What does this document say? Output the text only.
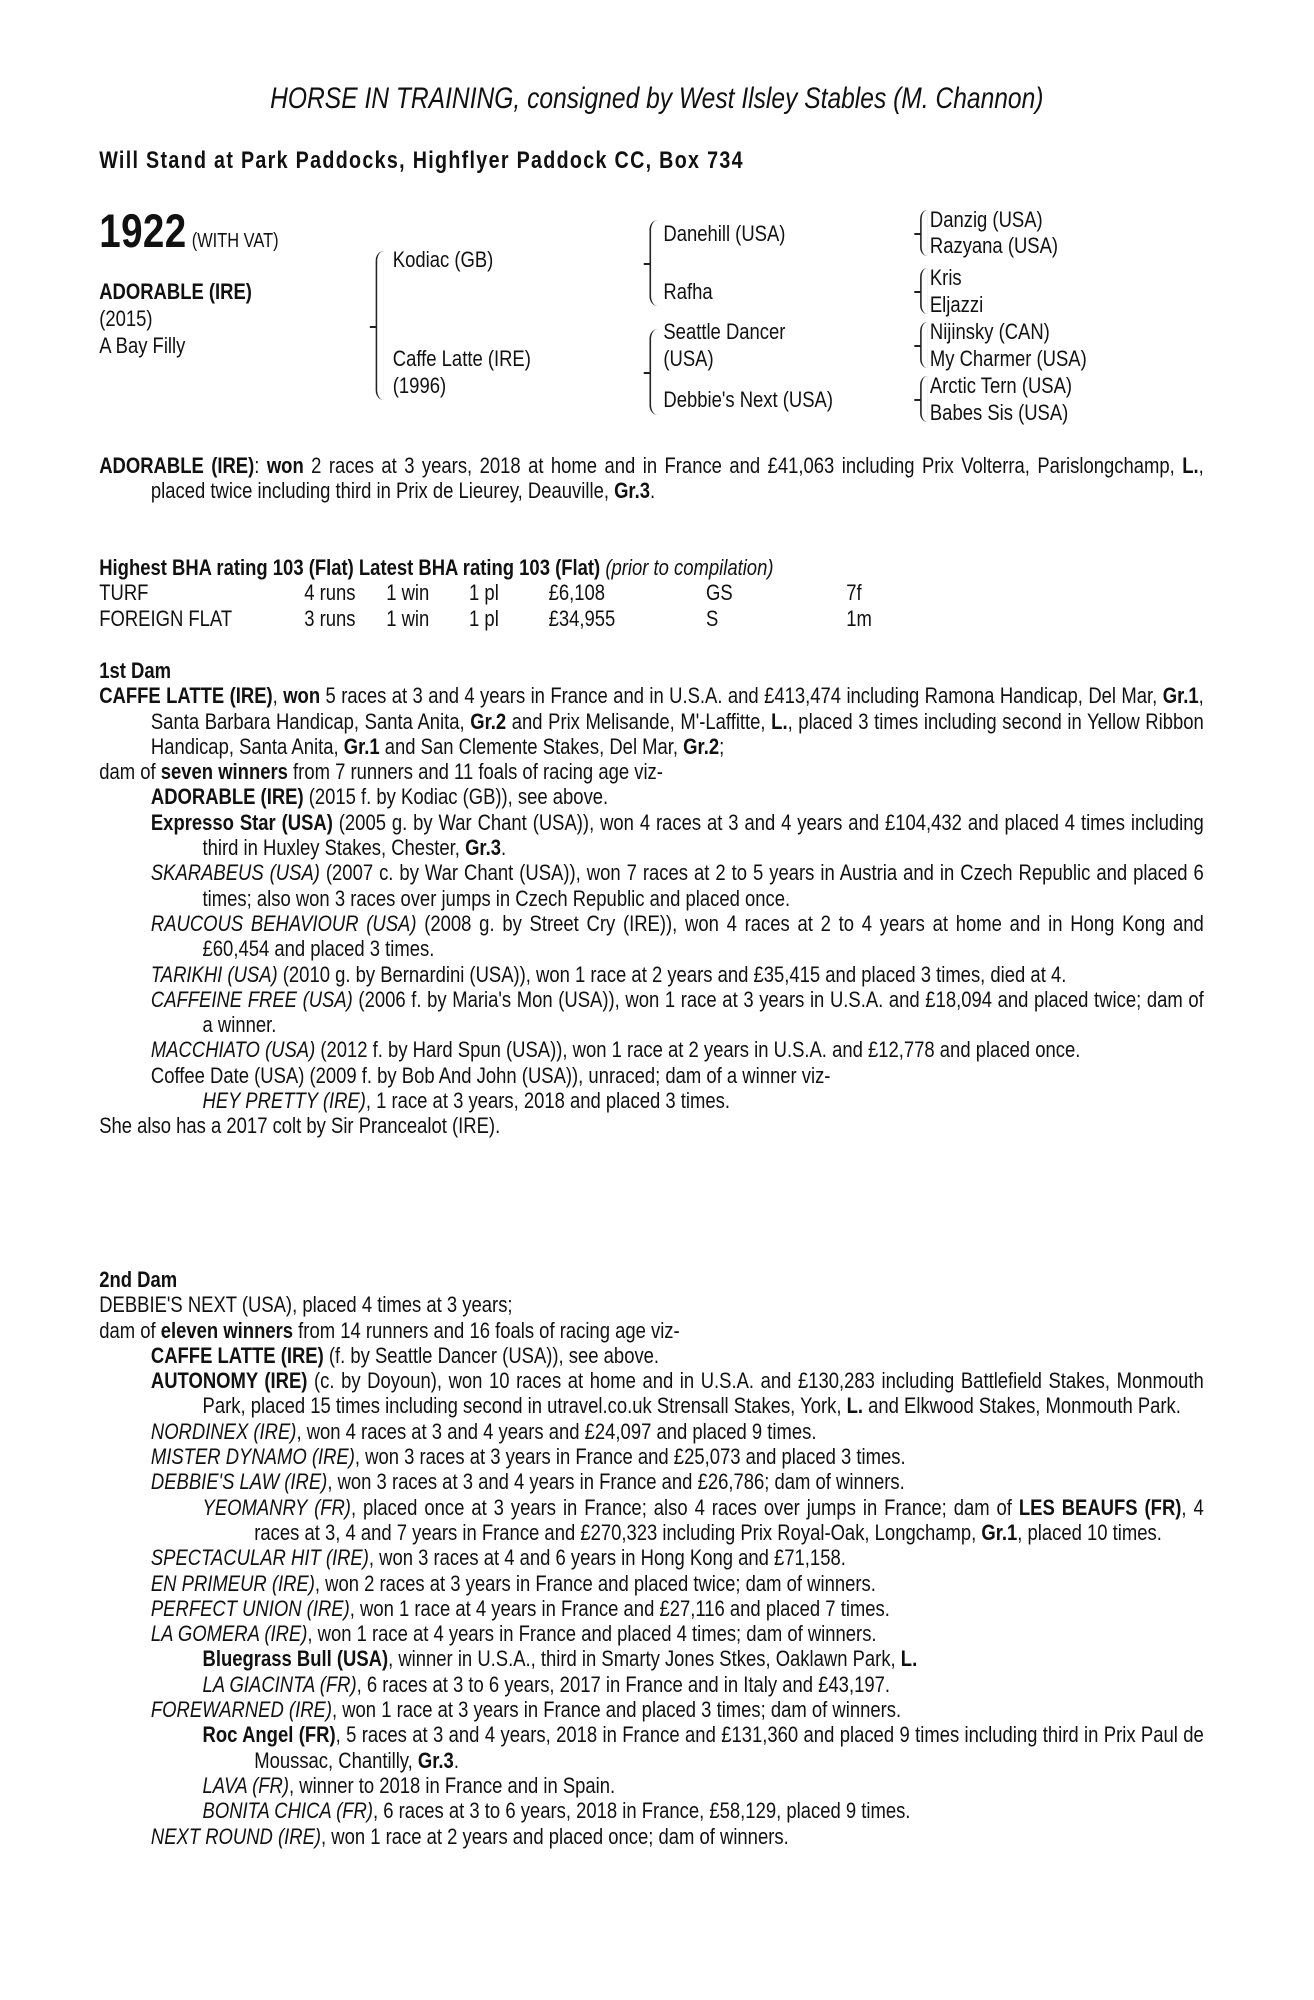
HORSE IN TRAINING, consigned by West Ilsley Stables (M. Channon)
Will Stand at Park Paddocks, Highflyer Paddock CC, Box 734
1922 (WITH VAT)
ADORABLE (IRE)
(2015)
A Bay Filly
Kodiac (GB)
Caffe Latte (IRE)
(1996)
Danehill (USA)
Rafha
Seattle Dancer
(USA)
Debbie's Next (USA)
Danzig (USA)
Razyana (USA)
Kris
Eljazzi
Nijinsky (CAN)
My Charmer (USA)
Arctic Tern (USA)
Babes Sis (USA)

ADORABLE (IRE): won 2 races at 3 years, 2018 at home and in France and £41,063 including Prix Volterra, Parislongchamp, L., placed twice including third in Prix de Lieurey, Deauville, Gr.3.

Highest BHA rating 103 (Flat) Latest BHA rating 103 (Flat) (prior to compilation)
TURF	4 runs 1 win 1 pl £6,108	GS	7f
FOREIGN FLAT	3 runs 1 win 1 pl £34,955	S	1m
1st Dam

CAFFE LATTE (IRE), won 5 races at 3 and 4 years in France and in U.S.A. and £413,474 including Ramona Handicap, Del Mar, Gr.1, Santa Barbara Handicap, Santa Anita, Gr.2 and Prix Melisande, M'-Laffitte, L., placed 3 times including second in Yellow Ribbon Handicap, Santa Anita, Gr.1 and San Clemente Stakes, Del Mar, Gr.2;

dam of seven winners from 7 runners and 11 foals of racing age viz-

ADORABLE (IRE) (2015 f. by Kodiac (GB)), see above.

Expresso Star (USA) (2005 g. by War Chant (USA)), won 4 races at 3 and 4 years and £104,432 and placed 4 times including third in Huxley Stakes, Chester, Gr.3.

SKARABEUS (USA) (2007 c. by War Chant (USA)), won 7 races at 2 to 5 years in Austria and in Czech Republic and placed 6 times; also won 3 races over jumps in Czech Republic and placed once.

RAUCOUS BEHAVIOUR (USA) (2008 g. by Street Cry (IRE)), won 4 races at 2 to 4 years at home and in Hong Kong and £60,454 and placed 3 times.

TARIKHI (USA) (2010 g. by Bernardini (USA)), won 1 race at 2 years and £35,415 and placed 3 times, died at 4.

CAFFEINE FREE (USA) (2006 f. by Maria's Mon (USA)), won 1 race at 3 years in U.S.A. and £18,094 and placed twice; dam of a winner.

MACCHIATO (USA) (2012 f. by Hard Spun (USA)), won 1 race at 2 years in U.S.A. and £12,778 and placed once.

Coffee Date (USA) (2009 f. by Bob And John (USA)), unraced; dam of a winner viz-

HEY PRETTY (IRE), 1 race at 3 years, 2018 and placed 3 times.

She also has a 2017 colt by Sir Prancealot (IRE).

2nd Dam

DEBBIE'S NEXT (USA), placed 4 times at 3 years;

dam of eleven winners from 14 runners and 16 foals of racing age viz-

CAFFE LATTE (IRE) (f. by Seattle Dancer (USA)), see above.

AUTONOMY (IRE) (c. by Doyoun), won 10 races at home and in U.S.A. and £130,283 including Battlefield Stakes, Monmouth Park, placed 15 times including second in utravel.co.uk Strensall Stakes, York, L. and Elkwood Stakes, Monmouth Park.

NORDINEX (IRE), won 4 races at 3 and 4 years and £24,097 and placed 9 times.

MISTER DYNAMO (IRE), won 3 races at 3 years in France and £25,073 and placed 3 times.

DEBBIE'S LAW (IRE), won 3 races at 3 and 4 years in France and £26,786; dam of winners.

YEOMANRY (FR), placed once at 3 years in France; also 4 races over jumps in France; dam of LES BEAUFS (FR), 4 races at 3, 4 and 7 years in France and £270,323 including Prix Royal-Oak, Longchamp, Gr.1, placed 10 times.

SPECTACULAR HIT (IRE), won 3 races at 4 and 6 years in Hong Kong and £71,158.

EN PRIMEUR (IRE), won 2 races at 3 years in France and placed twice; dam of winners.

PERFECT UNION (IRE), won 1 race at 4 years in France and £27,116 and placed 7 times.

LA GOMERA (IRE), won 1 race at 4 years in France and placed 4 times; dam of winners.

Bluegrass Bull (USA), winner in U.S.A., third in Smarty Jones Stkes, Oaklawn Park, L.

LA GIACINTA (FR), 6 races at 3 to 6 years, 2017 in France and in Italy and £43,197.

FOREWARNED (IRE), won 1 race at 3 years in France and placed 3 times; dam of winners.

Roc Angel (FR), 5 races at 3 and 4 years, 2018 in France and £131,360 and placed 9 times including third in Prix Paul de Moussac, Chantilly, Gr.3.

LAVA (FR), winner to 2018 in France and in Spain.

BONITA CHICA (FR), 6 races at 3 to 6 years, 2018 in France, £58,129, placed 9 times.

NEXT ROUND (IRE), won 1 race at 2 years and placed once; dam of winners.
